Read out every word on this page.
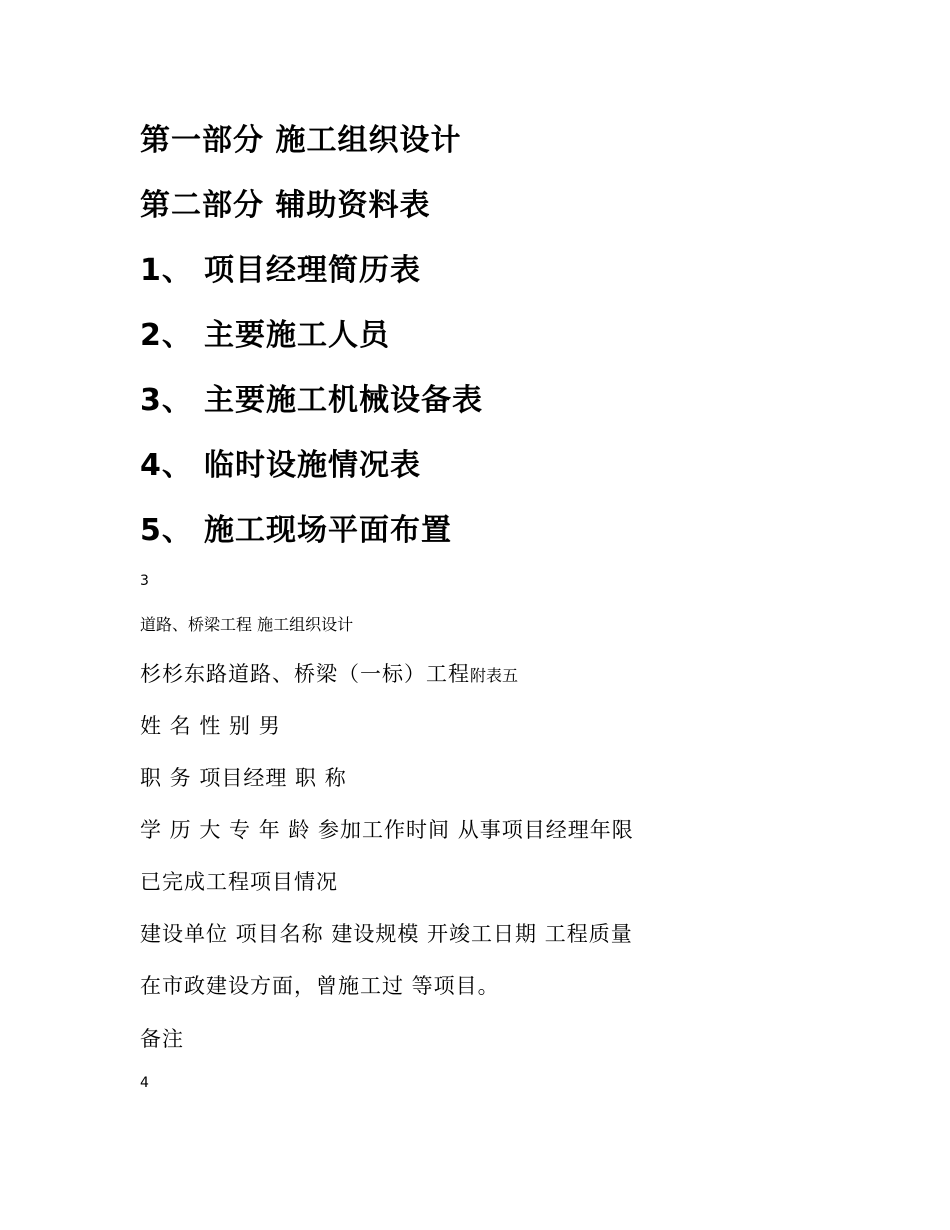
第一部分 施工组织设计
第二部分 辅助资料表
1、 项目经理简历表
2、 主要施工人员
3、 主要施工机械设备表
4、 临时设施情况表
5、 施工现场平面布置
3
道路、桥梁工程 施工组织设计
杉杉东路道路、桥梁（一标）工程附表五
姓 名 性 别 男
职 务 项目经理 职 称
学 历 大 专 年 龄 参加工作时间 从事项目经理年限
已完成工程项目情况
建设单位 项目名称 建设规模 开竣工日期 工程质量
在市政建设方面，曾施工过 等项目。
备注
4
